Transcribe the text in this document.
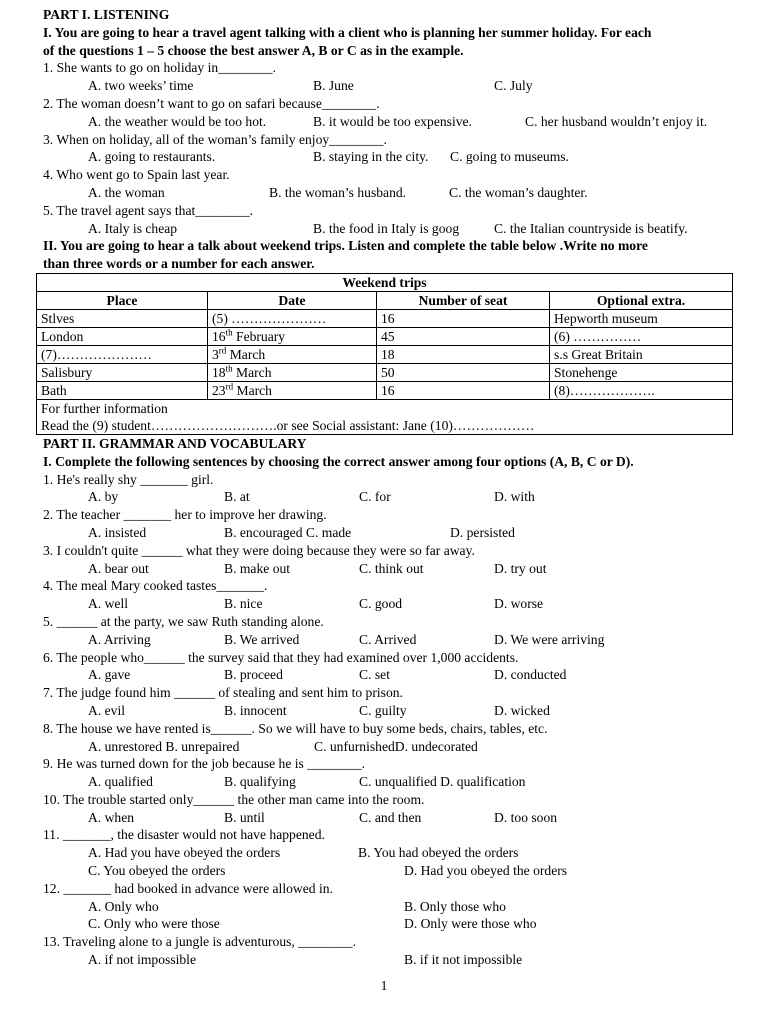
PART I. LISTENING
I. You are going to hear a travel agent talking with a client who is planning her summer holiday. For each
of the questions 1 – 5 choose the best answer A, B or C as in the example.
1. She wants to go on holiday in________.
A. two weeks’ time	B. June	C. July
2. The woman doesn’t want to go on safari because________.
A. the weather would be too hot.	B. it would be too expensive.	C. her husband wouldn’t enjoy it.
3. When on holiday, all of the woman’s family enjoy________.
A. going to restaurants.	B. staying in the city. C. going to museums.
4. Who went go to Spain last year.
A. the woman	B. the woman’s husband.	C. the woman’s daughter.
5. The travel agent says that________.
A. Italy is cheap	B. the food in Italy is goog	C. the Italian countryside is beatify.
II. You are going to hear a talk about weekend trips. Listen and complete the table below .Write no more
than three words or a number for each answer.
Weekend trips			
Place	Date	Number of seat	Optional extra.
Stlves	(5) …………………	16	Hepworth museum
London	16th February	45	(6) ……………
(7)…………………	3rd March	18	s.s Great Britain
Salisbury	18th March	50	Stonehenge
Bath	23rd March	16	(8)……………….

For further information
Read the (9) student……………………….or see Social assistant: Jane (10)………………			
PART II. GRAMMAR AND VOCABULARY
I. Complete the following sentences by choosing the correct answer among four options (A, B, C or D).
1. He's really shy _______ girl.
A. by	B. at	C. for	D. with
2. The teacher _______ her to improve her drawing.
A. insisted	B. encouraged C. made	D. persisted
3. I couldn't quite ______ what they were doing because they were so far away.
A. bear out	B. make out	C. think out	D. try out
4. The meal Mary cooked tastes_______.
A. well	B. nice	C. good	D. worse
5. ______ at the party, we saw Ruth standing alone.
A. Arriving	B. We arrived	C. Arrived	D. We were arriving
6. The people who______ the survey said that they had examined over 1,000 accidents.
A. gave	B. proceed	C. set	D. conducted
7. The judge found him ______ of stealing and sent him to prison.
A. evil	B. innocent	C. guilty	D. wicked
8. The house we have rented is______. So we will have to buy some beds, chairs, tables, etc.
A. unrestored B. unrepaired	C. unfurnishedD. undecorated
9. He was turned down for the job because he is ________.
A. qualified	B. qualifying	C. unqualified D. qualification
10. The trouble started only______ the other man came into the room.
A. when	B. until	C. and then	D. too soon
11. _______, the disaster would not have happened.
A. Had you have obeyed the orders	B. You had obeyed the orders
C. You obeyed the orders	D. Had you obeyed the orders
12. _______ had booked in advance were allowed in.
A. Only who	B. Only those who
C. Only who were those	D. Only were those who
13. Traveling alone to a jungle is adventurous, ________.
A. if not impossible	B. if it not impossible
1
